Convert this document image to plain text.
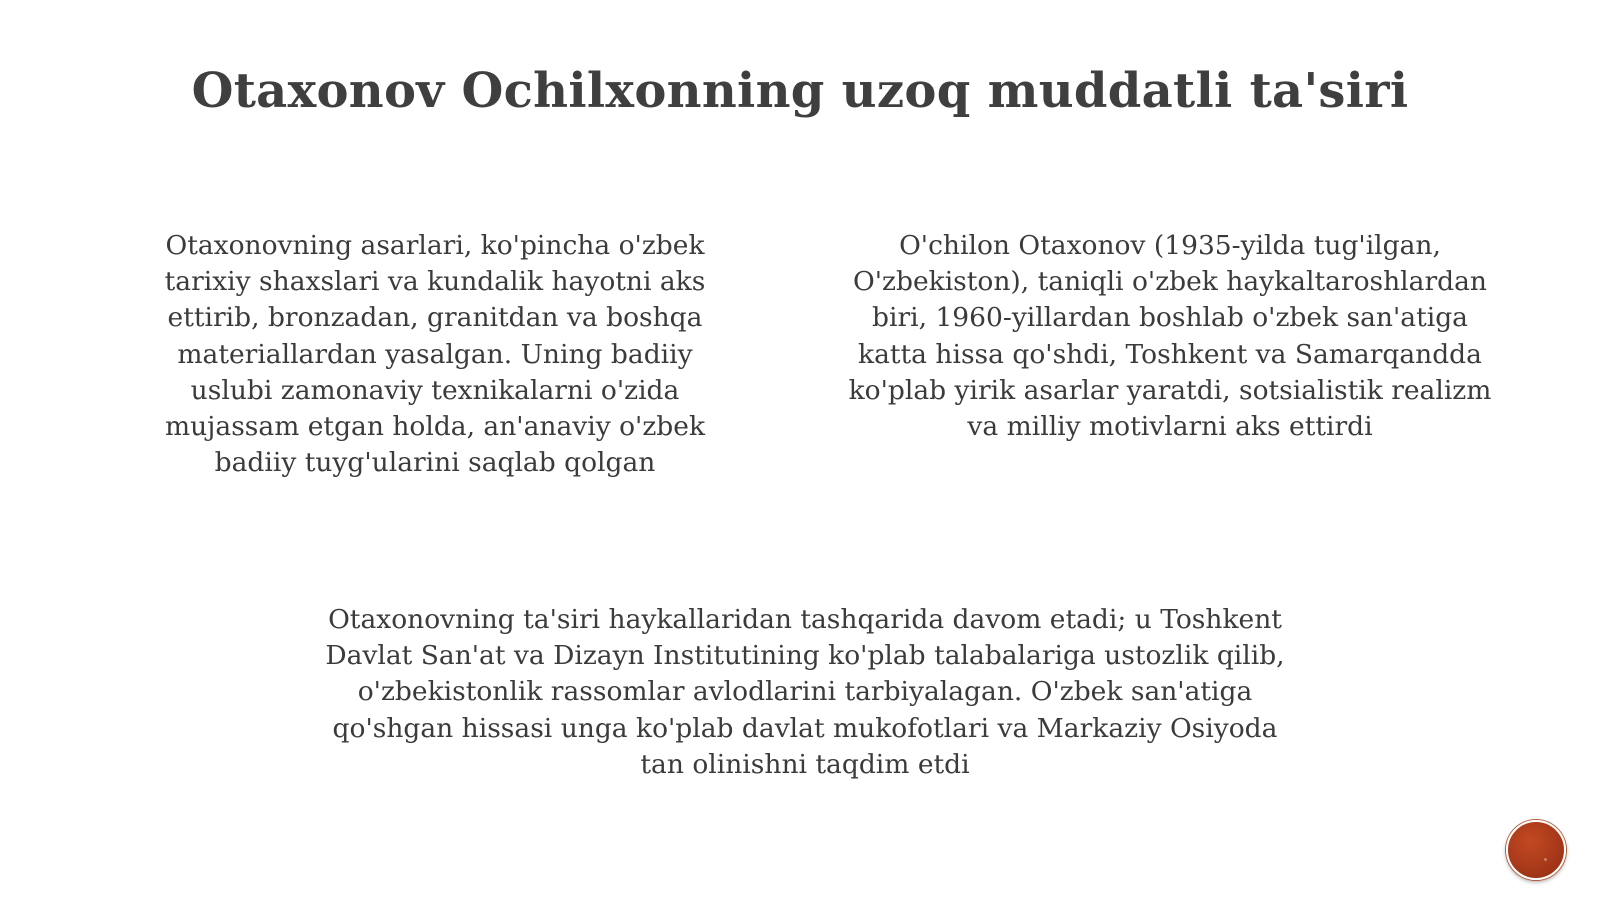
Otaxonov Ochilxonning uzoq muddatli ta'siri

Otaxonovning asarlari, ko'pincha o'zbek
tarixiy shaxslari va kundalik hayotni aks
ettirib, bronzadan, granitdan va boshqa
materiallardan yasalgan. Uning badiiy
uslubi zamonaviy texnikalarni o'zida
mujassam etgan holda, an'anaviy o'zbek
badiiy tuyg'ularini saqlab qolgan

O'chilon Otaxonov (1935-yilda tug'ilgan,
O'zbekiston), taniqli o'zbek haykaltaroshlardan
biri, 1960-yillardan boshlab o'zbek san'atiga
katta hissa qo'shdi, Toshkent va Samarqandda
ko'plab yirik asarlar yaratdi, sotsialistik realizm
va milliy motivlarni aks ettirdi

Otaxonovning ta'siri haykallaridan tashqarida davom etadi; u Toshkent
Davlat San'at va Dizayn Institutining ko'plab talabalariga ustozlik qilib,
o'zbekistonlik rassomlar avlodlarini tarbiyalagan. O'zbek san'atiga
qo'shgan hissasi unga ko'plab davlat mukofotlari va Markaziy Osiyoda
tan olinishni taqdim etdi
